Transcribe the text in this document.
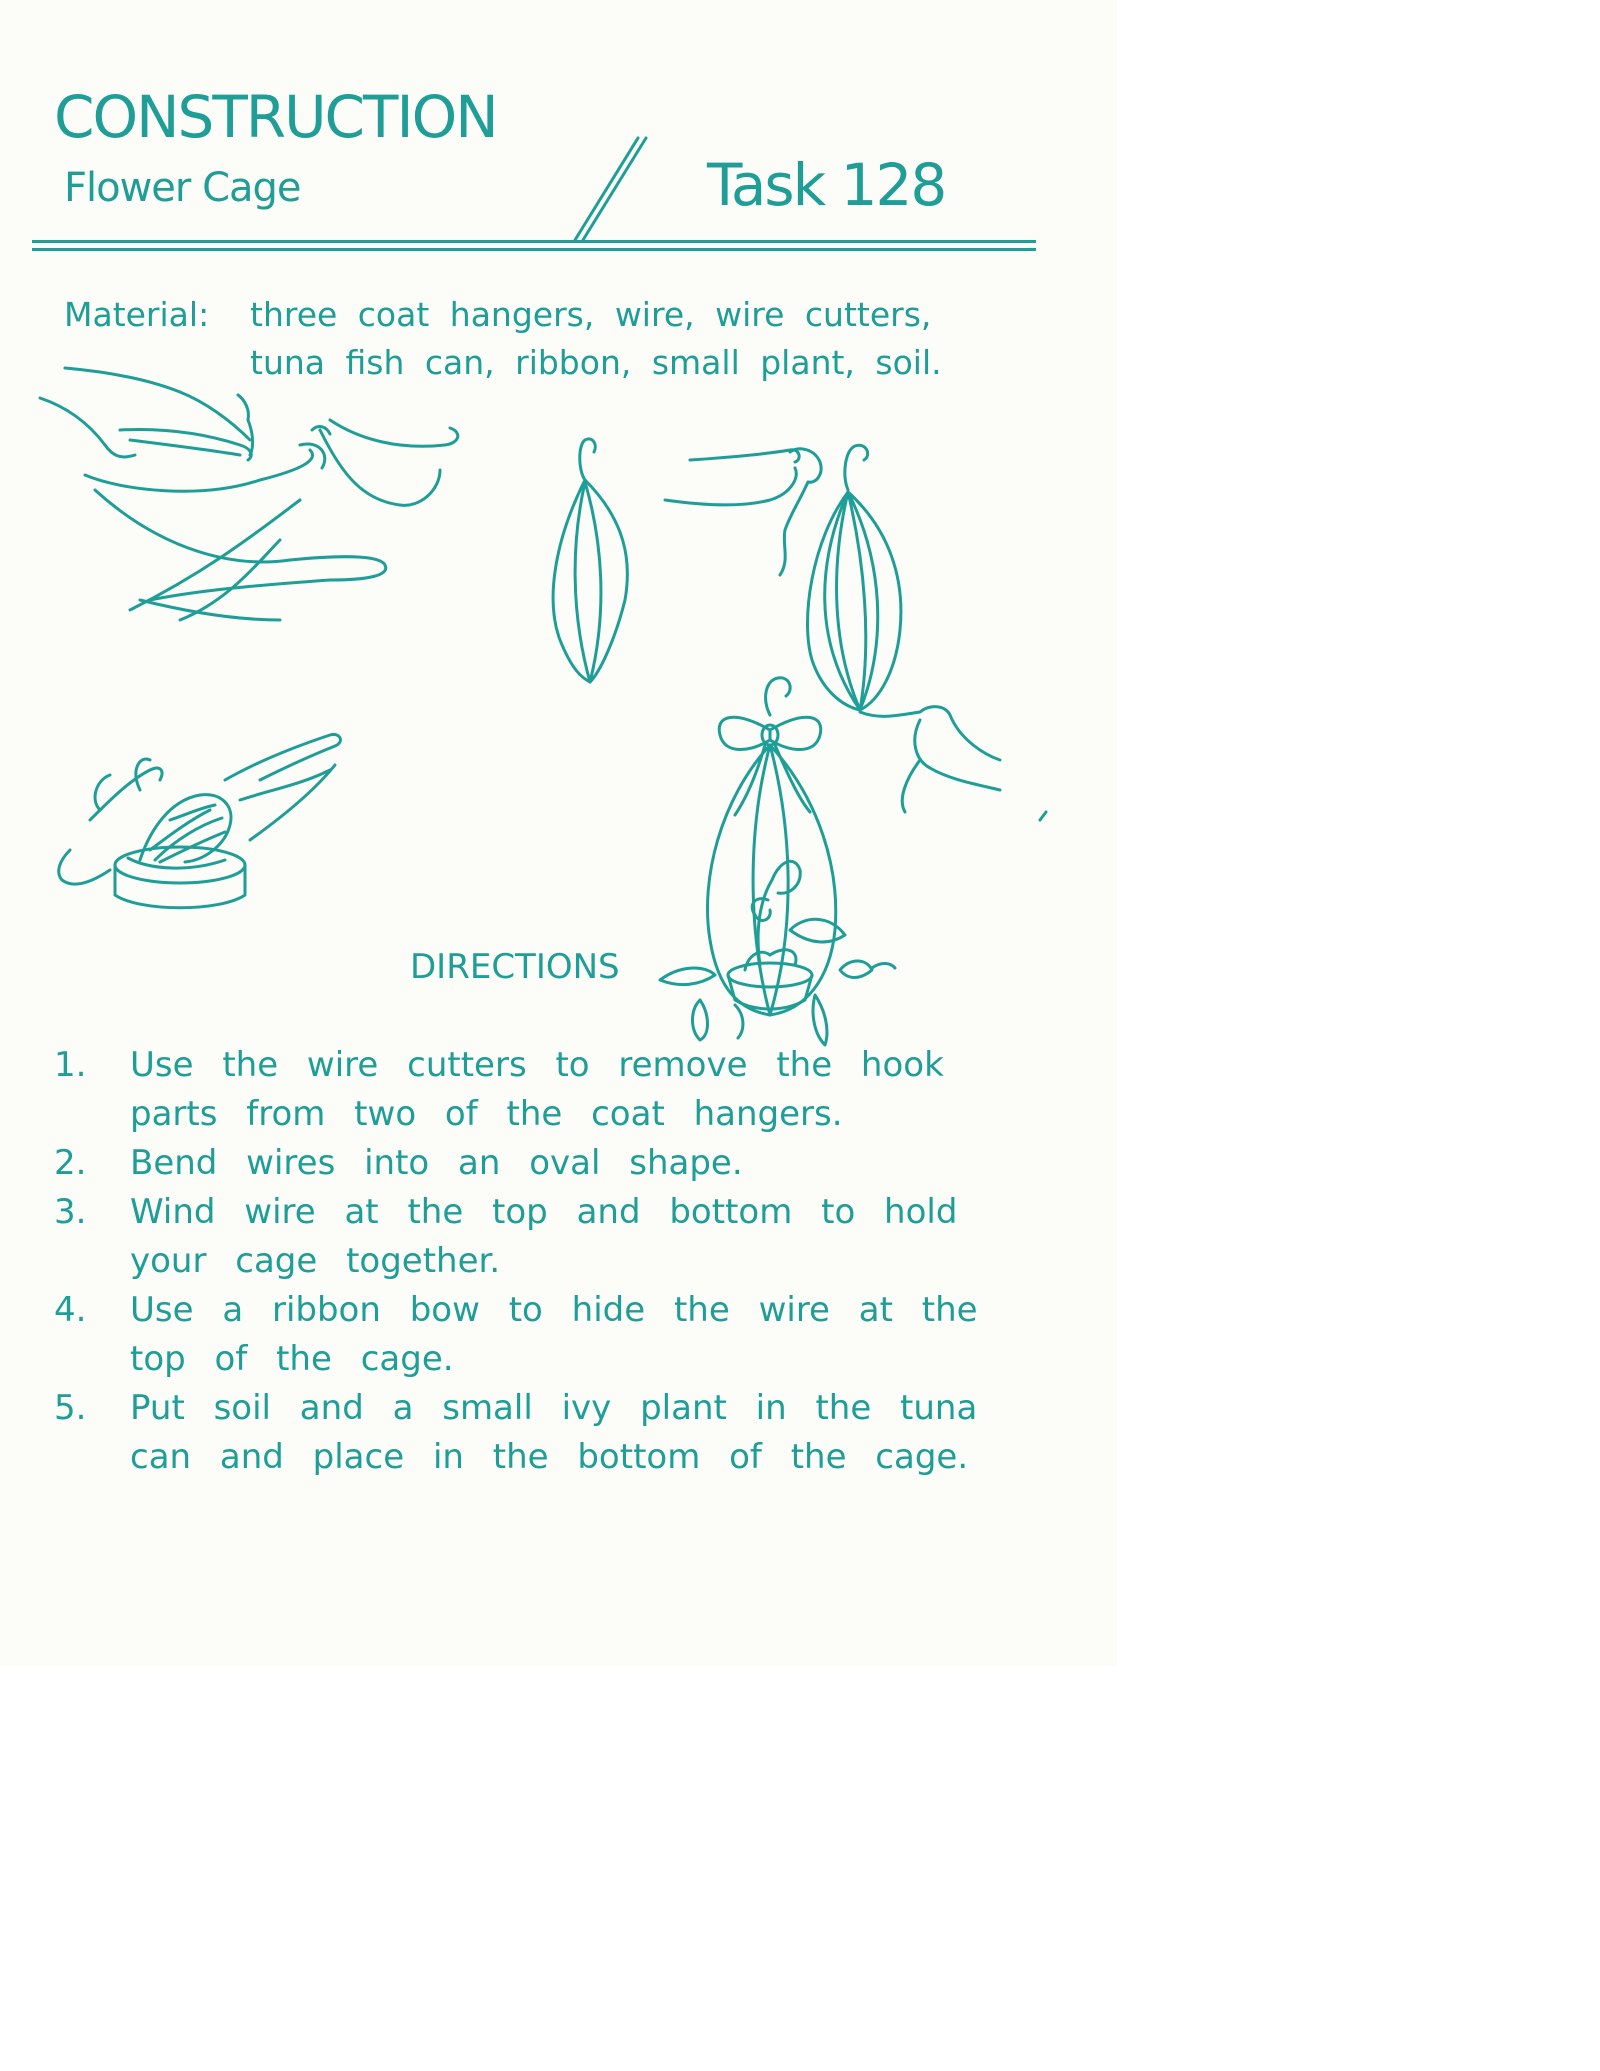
CONSTRUCTION
Flower Cage	Task 128
Material: three coat hangers, wire, wire cutters,
tuna fish can, ribbon, small plant, soil.
DIRECTIONS
1. Use the wire cutters to remove the hook
parts from two of the coat hangers.
2. Bend wires into an oval shape.
3. Wind wire at the top and bottom to hold
your cage together.
4. Use a ribbon bow to hide the wire at the
top of the cage.
5. Put soil and a small ivy plant in the tuna
can and place in the bottom of the cage.
